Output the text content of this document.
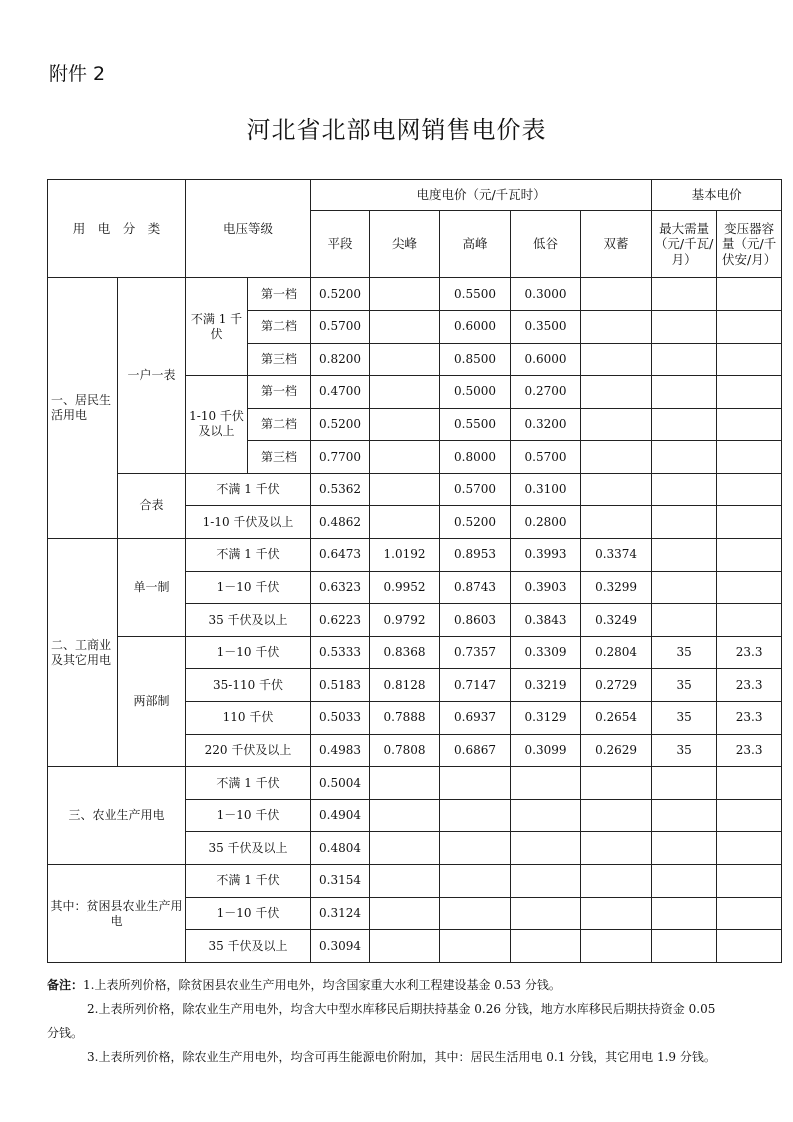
附件 2
河北省北部电网销售电价表
用　电　分　类		电压等级		电度电价（元/千瓦时）					基本电价	
				平段	尖峰	高峰	低谷	双蓄	最大需量（元/千瓦/月）	变压器容量（元/千伏安/月）
一、居民生活用电	一户一表	不满 1 千伏	第一档	0.5200		0.5500	0.3000			
			第二档	0.5700		0.6000	0.3500			
			第三档	0.8200		0.8500	0.6000			
		1-10 千伏及以上	第一档	0.4700		0.5000	0.2700			
			第二档	0.5200		0.5500	0.3200			
			第三档	0.7700		0.8000	0.5700			
	合表	不满 1 千伏		0.5362		0.5700	0.3100			
		1-10 千伏及以上		0.4862		0.5200	0.2800			
二、工商业及其它用电	单一制	不满 1 千伏		0.6473	1.0192	0.8953	0.3993	0.3374		
		1－10 千伏		0.6323	0.9952	0.8743	0.3903	0.3299		
		35 千伏及以上		0.6223	0.9792	0.8603	0.3843	0.3249		
	两部制	1－10 千伏		0.5333	0.8368	0.7357	0.3309	0.2804	35	23.3
		35-110 千伏		0.5183	0.8128	0.7147	0.3219	0.2729	35	23.3
		110 千伏		0.5033	0.7888	0.6937	0.3129	0.2654	35	23.3
		220 千伏及以上		0.4983	0.7808	0.6867	0.3099	0.2629	35	23.3
三、农业生产用电		不满 1 千伏		0.5004						
		1－10 千伏		0.4904						
		35 千伏及以上		0.4804						
其中：贫困县农业生产用电		不满 1 千伏		0.3154						
		1－10 千伏		0.3124						
		35 千伏及以上		0.3094						

备注：1.上表所列价格，除贫困县农业生产用电外，均含国家重大水利工程建设基金 0.53 分钱。

2.上表所列价格，除农业生产用电外，均含大中型水库移民后期扶持基金 0.26 分钱，地方水库移民后期扶持资金 0.05

分钱。

3.上表所列价格，除农业生产用电外，均含可再生能源电价附加，其中：居民生活用电 0.1 分钱，其它用电 1.9 分钱。
